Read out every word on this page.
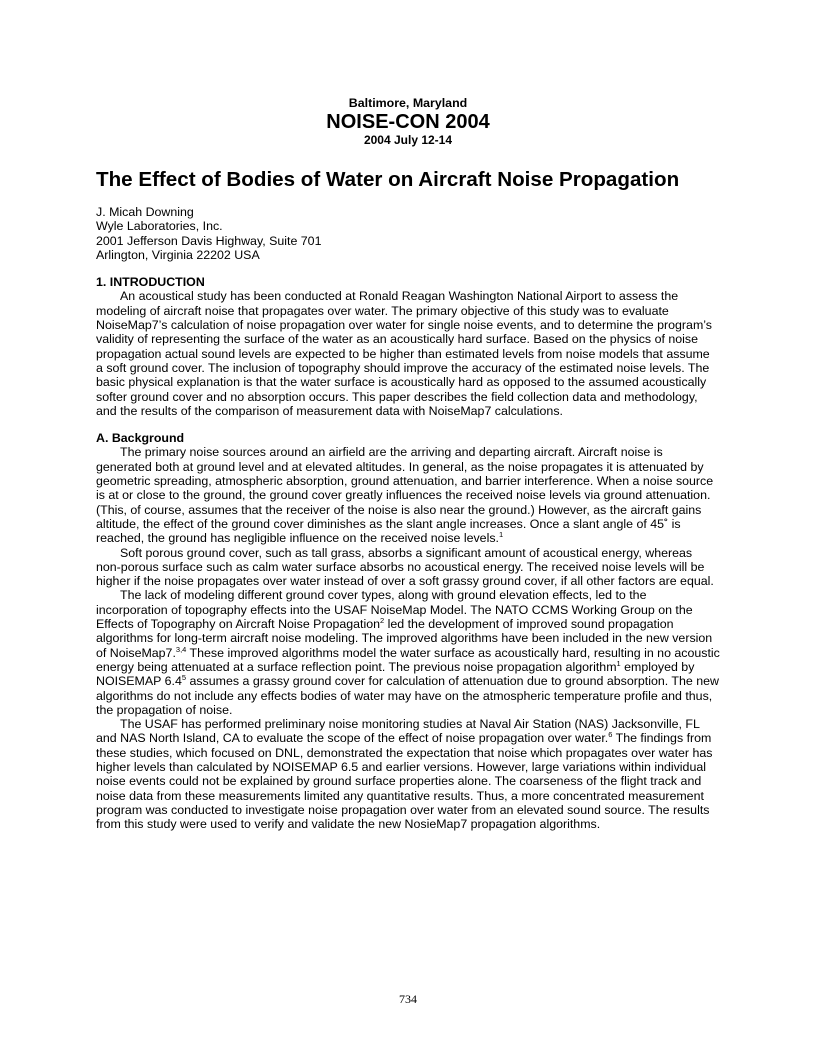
Baltimore, Maryland
NOISE-CON 2004
2004 July 12-14
The Effect of Bodies of Water on Aircraft Noise Propagation
J. Micah Downing
Wyle Laboratories, Inc.
2001 Jefferson Davis Highway, Suite 701
Arlington, Virginia 22202 USA
1. INTRODUCTION

An acoustical study has been conducted at Ronald Reagan Washington National Airport to assess the modeling of aircraft noise that propagates over water. The primary objective of this study was to evaluate NoiseMap7’s calculation of noise propagation over water for single noise events, and to determine the program’s validity of representing the surface of the water as an acoustically hard surface. Based on the physics of noise propagation actual sound levels are expected to be higher than estimated levels from noise models that assume a soft ground cover. The inclusion of topography should improve the accuracy of the estimated noise levels. The basic physical explanation is that the water surface is acoustically hard as opposed to the assumed acoustically softer ground cover and no absorption occurs. This paper describes the field collection data and methodology, and the results of the comparison of measurement data with NoiseMap7 calculations.

A. Background

The primary noise sources around an airfield are the arriving and departing aircraft. Aircraft noise is generated both at ground level and at elevated altitudes. In general, as the noise propagates it is attenuated by geometric spreading, atmospheric absorption, ground attenuation, and barrier interference. When a noise source is at or close to the ground, the ground cover greatly influences the received noise levels via ground attenuation. (This, of course, assumes that the receiver of the noise is also near the ground.) However, as the aircraft gains altitude, the effect of the ground cover diminishes as the slant angle increases. Once a slant angle of 45˚ is reached, the ground has negligible influence on the received noise levels.$^1$

Soft porous ground cover, such as tall grass, absorbs a significant amount of acoustical energy, whereas non-porous surface such as calm water surface absorbs no acoustical energy. The received noise levels will be higher if the noise propagates over water instead of over a soft grassy ground cover, if all other factors are equal.

The lack of modeling different ground cover types, along with ground elevation effects, led to the incorporation of topography effects into the USAF NoiseMap Model. The NATO CCMS Working Group on the Effects of Topography on Aircraft Noise Propagation$^2$ led the development of improved sound propagation algorithms for long-term aircraft noise modeling. The improved algorithms have been included in the new version of NoiseMap7.$^{3,4}$ These improved algorithms model the water surface as acoustically hard, resulting in no acoustic energy being attenuated at a surface reflection point. The previous noise propagation algorithm$^1$ employed by NOISEMAP $6.4^5$ assumes a grassy ground cover for calculation of attenuation due to ground absorption. The new algorithms do not include any effects bodies of water may have on the atmospheric temperature profile and thus, the propagation of noise.

The USAF has performed preliminary noise monitoring studies at Naval Air Station (NAS) Jacksonville, FL and NAS North Island, CA to evaluate the scope of the effect of noise propagation over water.$^6$ The findings from these studies, which focused on DNL, demonstrated the expectation that noise which propagates over water has higher levels than calculated by NOISEMAP 6.5 and earlier versions. However, large variations within individual noise events could not be explained by ground surface properties alone. The coarseness of the flight track and noise data from these measurements limited any quantitative results. Thus, a more concentrated measurement program was conducted to investigate noise propagation over water from an elevated sound source. The results from this study were used to verify and validate the new NosieMap7 propagation algorithms.

734
